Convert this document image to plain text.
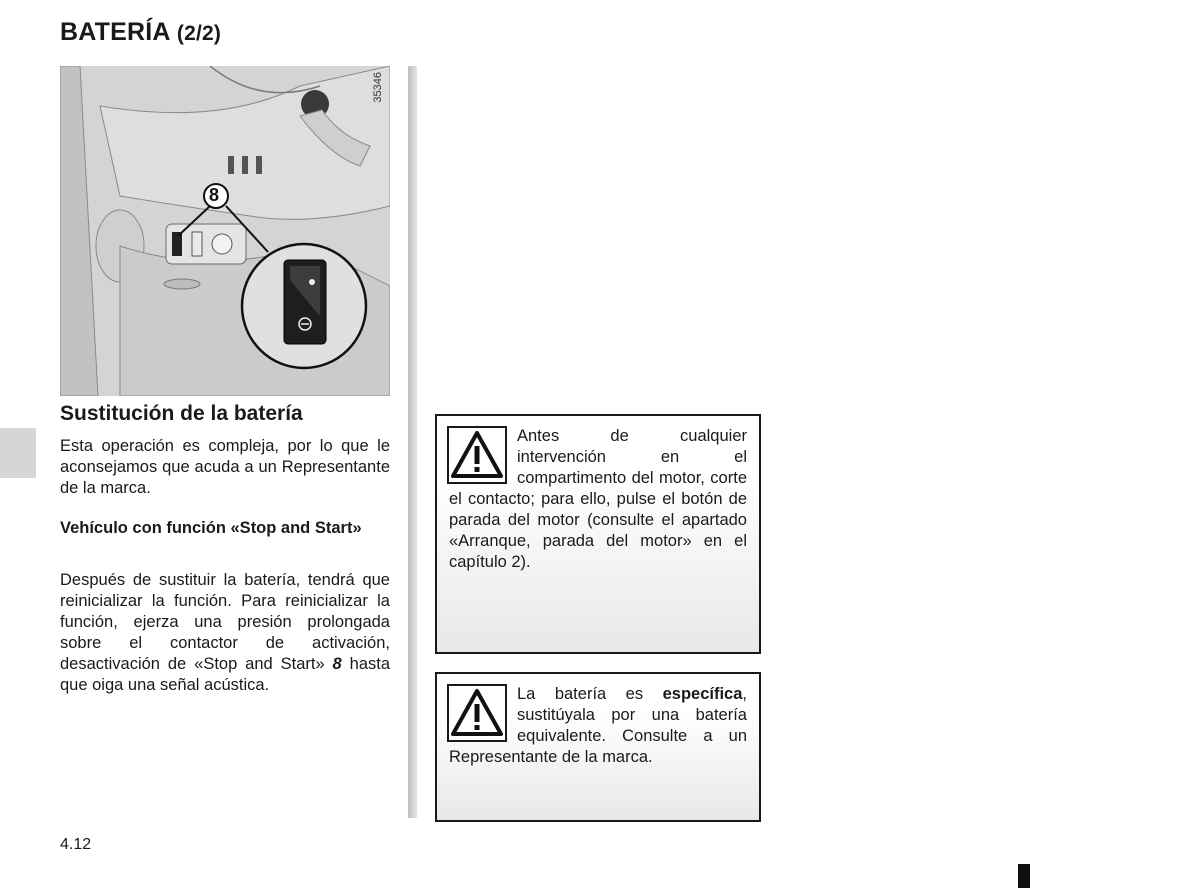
BATERÍA (2/2)
8
35346
Sustitución de la batería

Esta operación es compleja, por lo que le aconsejamos que acuda a un Representante de la marca.

Vehículo con función «Stop and Start»

Después de sustituir la batería, tendrá que reinicializar la función. Para reinicializar la función, ejerza una presión prolongada sobre el contactor de activación, desactivación de «Stop and Start» 8 hasta que oiga una señal acústica.

Antes de cualquier intervención en el compartimento del motor, corte el contacto; para ello, pulse el botón de parada del motor (consulte el apartado «Arranque, parada del motor» en el capítulo 2).

La batería es específica, sustitúyala por una batería equivalente. Consulte a un Representante de la marca.

4.12
